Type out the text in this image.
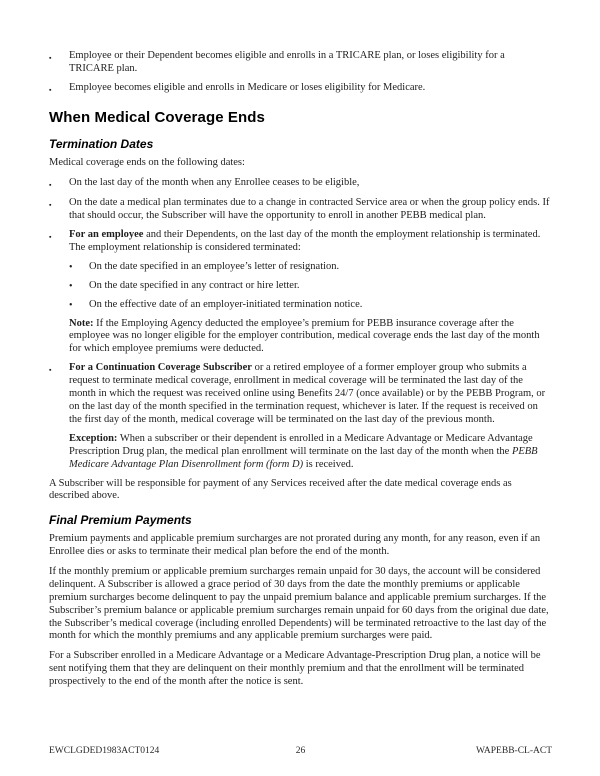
▪	Employee or their Dependent becomes eligible and enrolls in a TRICARE plan, or loses eligibility for a TRICARE plan.
▪	Employee becomes eligible and enrolls in Medicare or loses eligibility for Medicare.
When Medical Coverage Ends
Termination Dates

Medical coverage ends on the following dates:

▪	On the last day of the month when any Enrollee ceases to be eligible,
▪	On the date a medical plan terminates due to a change in contracted Service area or when the group policy ends. If that should occur, the Subscriber will have the opportunity to enroll in another PEBB medical plan.
▪	For an employee and their Dependents, on the last day of the month the employment relationship is terminated. The employment relationship is considered terminated:

•	On the date specified in an employee’s letter of resignation.
•	On the date specified in any contract or hire letter.
•	On the effective date of an employer-initiated termination notice.

Note: If the Employing Agency deducted the employee’s premium for PEBB insurance coverage after the employee was no longer eligible for the employer contribution, medical coverage ends the last day of the month for which employee premiums were deducted.

▪	For a Continuation Coverage Subscriber or a retired employee of a former employer group who submits a request to terminate medical coverage, enrollment in medical coverage will be terminated the last day of the month in which the request was received online using Benefits 24/7 (once available) or by the PEBB Program, or on the last day of the month specified in the termination request, whichever is later. If the request is received on the first day of the month, medical coverage will be terminated on the last day of the previous month.

Exception: When a subscriber or their dependent is enrolled in a Medicare Advantage or Medicare Advantage Prescription Drug plan, the medical plan enrollment will terminate on the last day of the month when the PEBB Medicare Advantage Plan Disenrollment form (form D) is received.

A Subscriber will be responsible for payment of any Services received after the date medical coverage ends as described above.

Final Premium Payments

Premium payments and applicable premium surcharges are not prorated during any month, for any reason, even if an Enrollee dies or asks to terminate their medical plan before the end of the month.

If the monthly premium or applicable premium surcharges remain unpaid for 30 days, the account will be considered delinquent. A Subscriber is allowed a grace period of 30 days from the date the monthly premiums or applicable premium surcharges become delinquent to pay the unpaid premium balance and applicable premium surcharges. If the Subscriber’s premium balance or applicable premium surcharges remain unpaid for 60 days from the original due date, the Subscriber’s medical coverage (including enrolled Dependents) will be terminated retroactive to the last day of the month for which the monthly premiums and any applicable premium surcharges were paid.

For a Subscriber enrolled in a Medicare Advantage or a Medicare Advantage-Prescription Drug plan, a notice will be sent notifying them that they are delinquent on their monthly premium and that the enrollment will be terminated prospectively to the end of the month after the notice is sent.

EWCLGDED1983ACT0124	26	WAPEBB-CL-ACT
